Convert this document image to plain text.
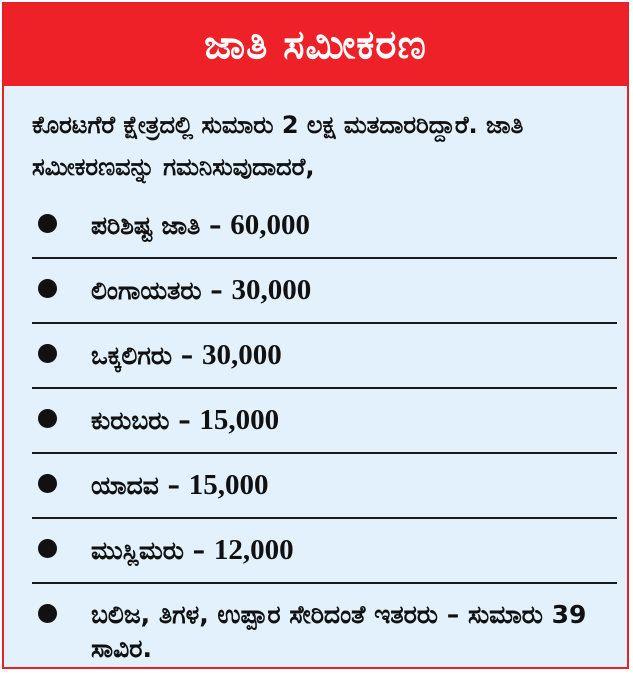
ಜಾತಿ ಸಮೀಕರಣ

ಕೊರಟಗೆರೆ ಕ್ಷೇತ್ರದಲ್ಲಿ ಸುಮಾರು 2 ಲಕ್ಷ ಮತದಾರರಿದ್ದಾರೆ. ಜಾತಿ ಸಮೀಕರಣವನ್ನು ಗಮನಿಸುವುದಾದರೆ,

ಪರಿಶಿಷ್ಟ ಜಾತಿ – 60,000
ಲಿಂಗಾಯತರು – 30,000
ಒಕ್ಕಲಿಗರು – 30,000
ಕುರುಬರು – 15,000
ಯಾದವ – 15,000
ಮುಸ್ಲಿಮರು – 12,000
ಬಲಿಜ, ತಿಗಳ, ಉಪ್ಪಾರ ಸೇರಿದಂತೆ ಇತರರು – ಸುಮಾರು 39 ಸಾವಿರ.
